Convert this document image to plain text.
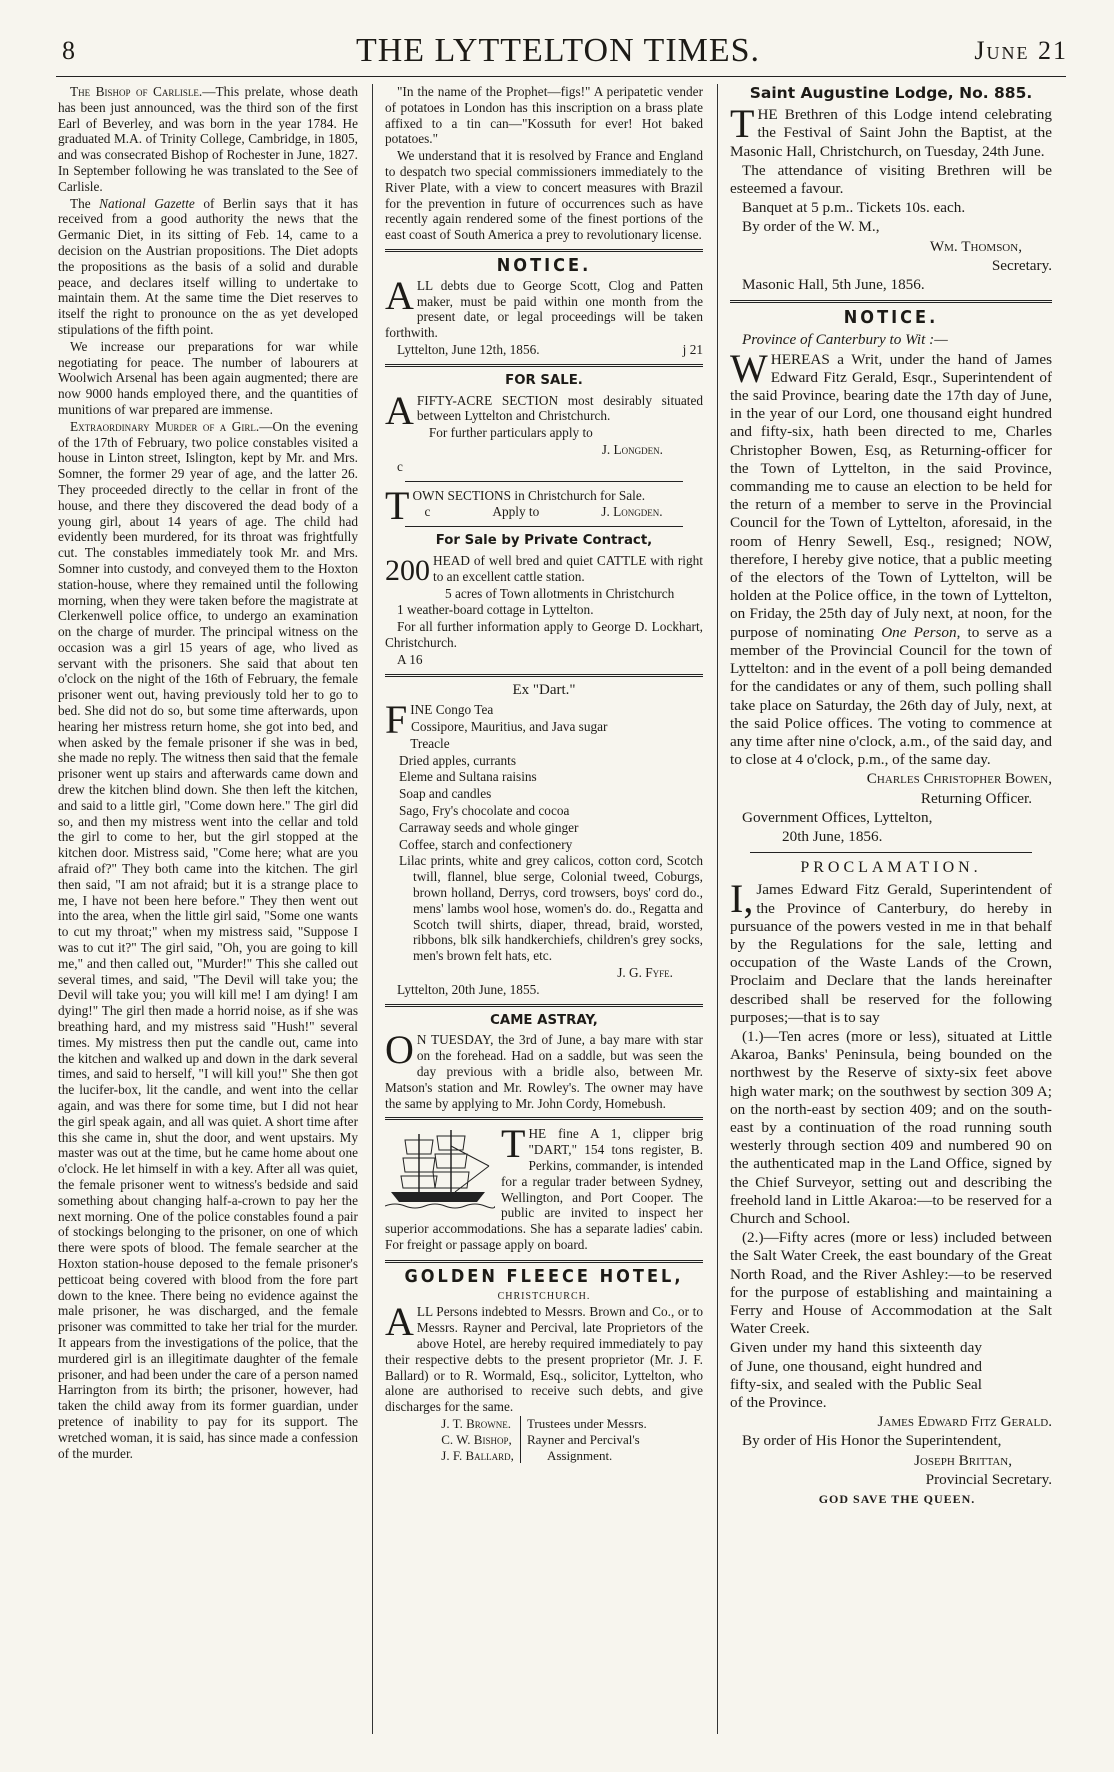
8	THE LYTTELTON TIMES.	June 21

The Bishop of Carlisle.—This prelate, whose death has been just announced, was the third son of the first Earl of Beverley, and was born in the year 1784. He graduated M.A. of Trinity College, Cambridge, in 1805, and was consecrated Bishop of Rochester in June, 1827. In September following he was translated to the See of Carlisle.

The National Gazette of Berlin says that it has received from a good authority the news that the Germanic Diet, in its sitting of Feb. 14, came to a decision on the Austrian propositions. The Diet adopts the propositions as the basis of a solid and durable peace, and declares itself willing to undertake to maintain them. At the same time the Diet reserves to itself the right to pronounce on the as yet developed stipulations of the fifth point.

We increase our preparations for war while negotiating for peace. The number of labourers at Woolwich Arsenal has been again augmented; there are now 9000 hands employed there, and the quantities of munitions of war prepared are immense.

Extraordinary Murder of a Girl.—On the evening of the 17th of February, two police constables visited a house in Linton street, Islington, kept by Mr. and Mrs. Somner, the former 29 year of age, and the latter 26. They proceeded directly to the cellar in front of the house, and there they discovered the dead body of a young girl, about 14 years of age. The child had evidently been murdered, for its throat was frightfully cut. The constables immediately took Mr. and Mrs. Somner into custody, and conveyed them to the Hoxton station-house, where they remained until the following morning, when they were taken before the magistrate at Clerkenwell police office, to undergo an examination on the charge of murder. The principal witness on the occasion was a girl 15 years of age, who lived as servant with the prisoners. She said that about ten o'clock on the night of the 16th of February, the female prisoner went out, having previously told her to go to bed. She did not do so, but some time afterwards, upon hearing her mistress return home, she got into bed, and when asked by the female prisoner if she was in bed, she made no reply. The witness then said that the female prisoner went up stairs and afterwards came down and drew the kitchen blind down. She then left the kitchen, and said to a little girl, "Come down here." The girl did so, and then my mistress went into the cellar and told the girl to come to her, but the girl stopped at the kitchen door. Mistress said, "Come here; what are you afraid of?" They both came into the kitchen. The girl then said, "I am not afraid; but it is a strange place to me, I have not been here before." They then went out into the area, when the little girl said, "Some one wants to cut my throat;" when my mistress said, "Suppose I was to cut it?" The girl said, "Oh, you are going to kill me," and then called out, "Murder!" This she called out several times, and said, "The Devil will take you; the Devil will take you; you will kill me! I am dying! I am dying!" The girl then made a horrid noise, as if she was breathing hard, and my mistress said "Hush!" several times. My mistress then put the candle out, came into the kitchen and walked up and down in the dark several times, and said to herself, "I will kill you!" She then got the lucifer-box, lit the candle, and went into the cellar again, and was there for some time, but I did not hear the girl speak again, and all was quiet. A short time after this she came in, shut the door, and went upstairs. My master was out at the time, but he came home about one o'clock. He let himself in with a key. After all was quiet, the female prisoner went to witness's bedside and said something about changing half-a-crown to pay her the next morning. One of the police constables found a pair of stockings belonging to the prisoner, on one of which there were spots of blood. The female searcher at the Hoxton station-house deposed to the female prisoner's petticoat being covered with blood from the fore part down to the knee. There being no evidence against the male prisoner, he was discharged, and the female prisoner was committed to take her trial for the murder. It appears from the investigations of the police, that the murdered girl is an illegitimate daughter of the female prisoner, and had been under the care of a person named Harrington from its birth; the prisoner, however, had taken the child away from its former guardian, under pretence of inability to pay for its support. The wretched woman, it is said, has since made a confession of the murder.

"In the name of the Prophet—figs!" A peripatetic vender of potatoes in London has this inscription on a brass plate affixed to a tin can—"Kossuth for ever! Hot baked potatoes."

We understand that it is resolved by France and England to despatch two special commissioners immediately to the River Plate, with a view to concert measures with Brazil for the prevention in future of occurrences such as have recently again rendered some of the finest portions of the east coast of South America a prey to revolutionary license.

NOTICE.

ALL debts due to George Scott, Clog and Patten maker, must be paid within one month from the present date, or legal proceedings will be taken forthwith.

Lyttelton, June 12th, 1856.	j 21

FOR SALE.

AFIFTY-ACRE SECTION most desirably situated between Lyttelton and Christchurch.

For further particulars apply to

J. Longden.

c

TOWN SECTIONS in Christchurch for Sale.

c	Apply to	J. Longden.

For Sale by Private Contract,

200 HEAD of well bred and quiet CATTLE with right to an excellent cattle station.

5 acres of Town allotments in Christchurch

1 weather-board cottage in Lyttelton.

For all further information apply to George D. Lockhart, Christchurch.

A 16

Ex "Dart."

FINE Congo Tea

Cossipore, Mauritius, and Java sugar

Treacle

Dried apples, currants

Eleme and Sultana raisins

Soap and candles

Sago, Fry's chocolate and cocoa

Carraway seeds and whole ginger

Coffee, starch and confectionery

Lilac prints, white and grey calicos, cotton cord, Scotch twill, flannel, blue serge, Colonial tweed, Coburgs, brown holland, Derrys, cord trowsers, boys' cord do., mens' lambs wool hose, women's do. do., Regatta and Scotch twill shirts, diaper, thread, braid, worsted, ribbons, blk silk handkerchiefs, children's grey socks, men's brown felt hats, etc.

J. G. Fyfe.

Lyttelton, 20th June, 1855.

CAME ASTRAY,

O N TUESDAY, the 3rd of June, a bay mare with star on the forehead. Had on a saddle, but was seen the day previous with a bridle also, between Mr. Matson's station and Mr. Rowley's. The owner may have the same by applying to Mr. John Cordy, Homebush.

THE fine A 1, clipper brig "DART," 154 tons register, B. Perkins, commander, is intended for a regular trader between Sydney, Wellington, and Port Cooper. The public are invited to inspect her superior accommodations. She has a separate ladies' cabin. For freight or passage apply on board.

GOLDEN FLEECE HOTEL,
CHRISTCHURCH.

ALL Persons indebted to Messrs. Brown and Co., or to Messrs. Rayner and Percival, late Proprietors of the above Hotel, are hereby required immediately to pay their respective debts to the present proprietor (Mr. J. F. Ballard) or to R. Wormald, Esq., solicitor, Lyttelton, who alone are authorised to receive such debts, and give discharges for the same.

J. T. Browne.
C. W. Bishop,
J. F. Ballard,
Trustees under Messrs.
Rayner and Percival's
Assignment.
Saint Augustine Lodge, No. 885.

THE Brethren of this Lodge intend celebrating the Festival of Saint John the Baptist, at the Masonic Hall, Christchurch, on Tuesday, 24th June.

The attendance of visiting Brethren will be esteemed a favour.

Banquet at 5 p.m.. Tickets 10s. each.

By order of the W. M.,

Wm. Thomson,

Secretary.

Masonic Hall, 5th June, 1856.

NOTICE.

Province of Canterbury to Wit :—

WHEREAS a Writ, under the hand of James Edward Fitz Gerald, Esqr., Superintendent of the said Province, bearing date the 17th day of June, in the year of our Lord, one thousand eight hundred and fifty-six, hath been directed to me, Charles Christopher Bowen, Esq, as Returning-officer for the Town of Lyttelton, in the said Province, commanding me to cause an election to be held for the return of a member to serve in the Provincial Council for the Town of Lyttelton, aforesaid, in the room of Henry Sewell, Esq., resigned; NOW, therefore, I hereby give notice, that a public meeting of the electors of the Town of Lyttelton, will be holden at the Police office, in the town of Lyttelton, on Friday, the 25th day of July next, at noon, for the purpose of nominating One Person, to serve as a member of the Provincial Council for the town of Lyttelton: and in the event of a poll being demanded for the candidates or any of them, such polling shall take place on Saturday, the 26th day of July, next, at the said Police offices. The voting to commence at any time after nine o'clock, a.m., of the said day, and to close at 4 o'clock, p.m., of the same day.

Charles Christopher Bowen,

Returning Officer.

Government Offices, Lyttelton,

20th June, 1856.

PROCLAMATION.

I, James Edward Fitz Gerald, Superintendent of the Province of Canterbury, do hereby in pursuance of the powers vested in me in that behalf by the Regulations for the sale, letting and occupation of the Waste Lands of the Crown, Proclaim and Declare that the lands hereinafter described shall be reserved for the following purposes;—that is to say

(1.)—Ten acres (more or less), situated at Little Akaroa, Banks' Peninsula, being bounded on the northwest by the Reserve of sixty-six feet above high water mark; on the southwest by section 309 A; on the north-east by section 409; and on the south-east by a continuation of the road running south westerly through section 409 and numbered 90 on the authenticated map in the Land Office, signed by the Chief Surveyor, setting out and describing the freehold land in Little Akaroa:—to be reserved for a Church and School.

(2.)—Fifty acres (more or less) included between the Salt Water Creek, the east boundary of the Great North Road, and the River Ashley:—to be reserved for the purpose of establishing and maintaining a Ferry and House of Accommodation at the Salt Water Creek.

Given under my hand this sixteenth day of June, one thousand, eight hundred and fifty-six, and sealed with the Public Seal of the Province.

James Edward Fitz Gerald.

By order of His Honor the Superintendent,

Joseph Brittan,

Provincial Secretary.

GOD SAVE THE QUEEN.
